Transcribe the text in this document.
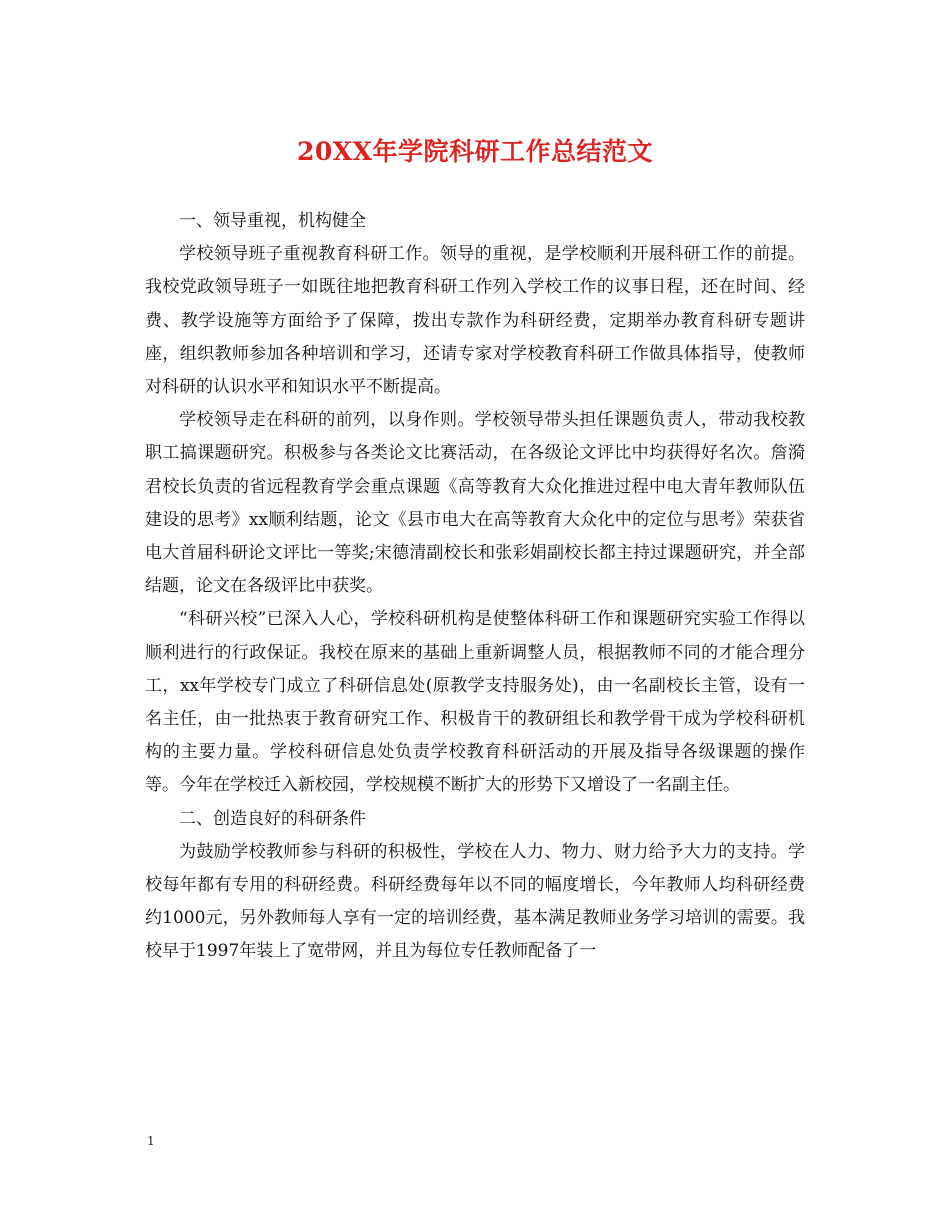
20XX年学院科研工作总结范文

一、领导重视，机构健全

学校领导班子重视教育科研工作。领导的重视，是学校顺利开展科研工作的前提。我校党政领导班子一如既往地把教育科研工作列入学校工作的议事日程，还在时间、经费、教学设施等方面给予了保障，拨出专款作为科研经费，定期举办教育科研专题讲座，组织教师参加各种培训和学习，还请专家对学校教育科研工作做具体指导，使教师对科研的认识水平和知识水平不断提高。

学校领导走在科研的前列，以身作则。学校领导带头担任课题负责人，带动我校教职工搞课题研究。积极参与各类论文比赛活动，在各级论文评比中均获得好名次。詹漪君校长负责的省远程教育学会重点课题《高等教育大众化推进过程中电大青年教师队伍建设的思考》xx顺利结题，论文《县市电大在高等教育大众化中的定位与思考》荣获省电大首届科研论文评比一等奖;宋德清副校长和张彩娟副校长都主持过课题研究，并全部结题，论文在各级评比中获奖。

“科研兴校”已深入人心，学校科研机构是使整体科研工作和课题研究实验工作得以顺利进行的行政保证。我校在原来的基础上重新调整人员，根据教师不同的才能合理分工，xx年学校专门成立了科研信息处(原教学支持服务处)，由一名副校长主管，设有一名主任，由一批热衷于教育研究工作、积极肯干的教研组长和教学骨干成为学校科研机构的主要力量。学校科研信息处负责学校教育科研活动的开展及指导各级课题的操作等。今年在学校迁入新校园，学校规模不断扩大的形势下又增设了一名副主任。

二、创造良好的科研条件

为鼓励学校教师参与科研的积极性，学校在人力、物力、财力给予大力的支持。学校每年都有专用的科研经费。科研经费每年以不同的幅度增长，今年教师人均科研经费约1000元，另外教师每人享有一定的培训经费，基本满足教师业务学习培训的需要。我校早于1997年装上了宽带网，并且为每位专任教师配备了一

1
